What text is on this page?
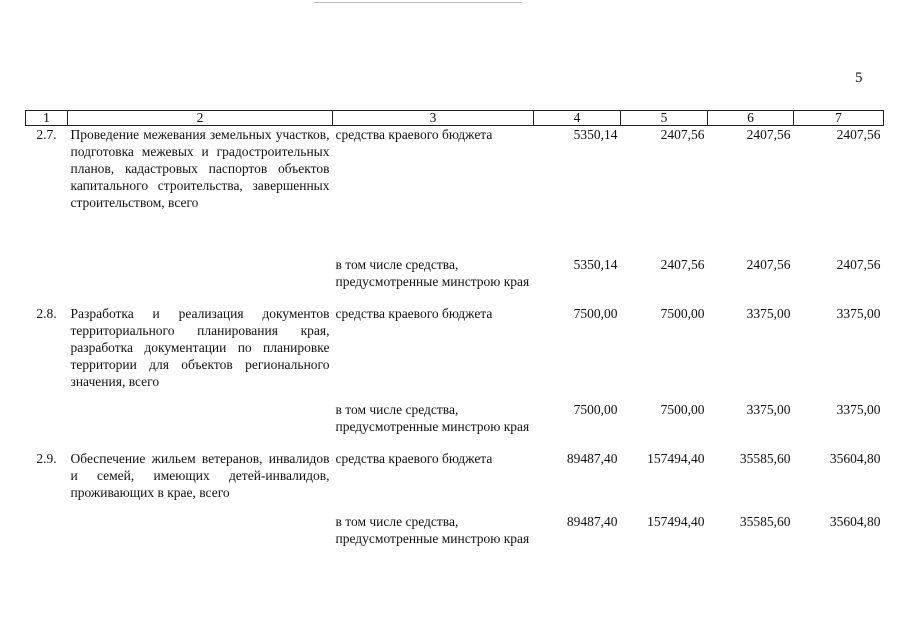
5
1	2	3	4	5	6	7
2.7.	Проведение межевания земельных участков, подготовка межевых и градостроительных планов, кадастровых паспортов объектов капитального строительства, завершенных строительством, всего	средства краевого бюджета	5350,14	2407,56	2407,56	2407,56

		в том числе средства, предусмотренные минстрою края	5350,14	2407,56	2407,56	2407,56

2.8.	Разработка и реализация документов территориального планирования края, разработка документации по планировке территории для объектов регионального значения, всего	средства краевого бюджета	7500,00	7500,00	3375,00	3375,00

		в том числе средства, предусмотренные минстрою края	7500,00	7500,00	3375,00	3375,00

2.9.	Обеспечение жильем ветеранов, инвалидов и семей, имеющих детей-инвалидов, проживающих в крае, всего	средства краевого бюджета	89487,40	157494,40	35585,60	35604,80

		в том числе средства, предусмотренные минстрою края	89487,40	157494,40	35585,60	35604,80
